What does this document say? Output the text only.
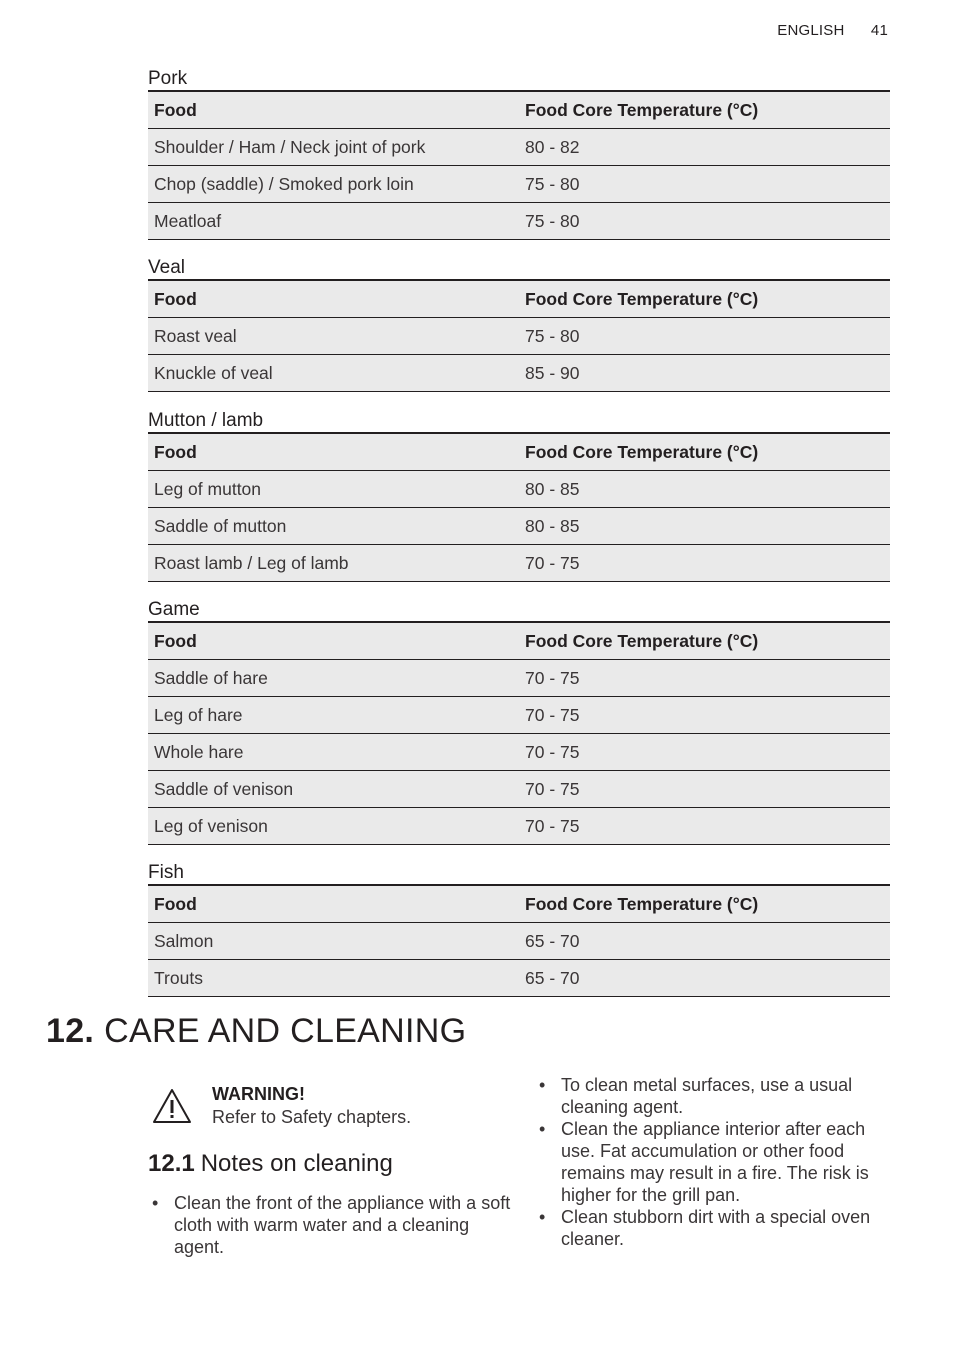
ENGLISH 41
Pork
Food	Food Core Temperature (°C)
Shoulder / Ham / Neck joint of pork	80 - 82
Chop (saddle) / Smoked pork loin	75 - 80
Meatloaf	75 - 80
Veal
Food	Food Core Temperature (°C)
Roast veal	75 - 80
Knuckle of veal	85 - 90
Mutton / lamb
Food	Food Core Temperature (°C)
Leg of mutton	80 - 85
Saddle of mutton	80 - 85
Roast lamb / Leg of lamb	70 - 75
Game
Food	Food Core Temperature (°C)
Saddle of hare	70 - 75
Leg of hare	70 - 75
Whole hare	70 - 75
Saddle of venison	70 - 75
Leg of venison	70 - 75
Fish
Food	Food Core Temperature (°C)
Salmon	65 - 70
Trouts	65 - 70
12. CARE AND CLEANING
WARNING!
Refer to Safety chapters.
12.1 Notes on cleaning
• Clean the front of the appliance with a soft cloth with warm water and a cleaning agent.
• To clean metal surfaces, use a usual cleaning agent.
• Clean the appliance interior after each use. Fat accumulation or other food remains may result in a fire. The risk is higher for the grill pan.
• Clean stubborn dirt with a special oven cleaner.
